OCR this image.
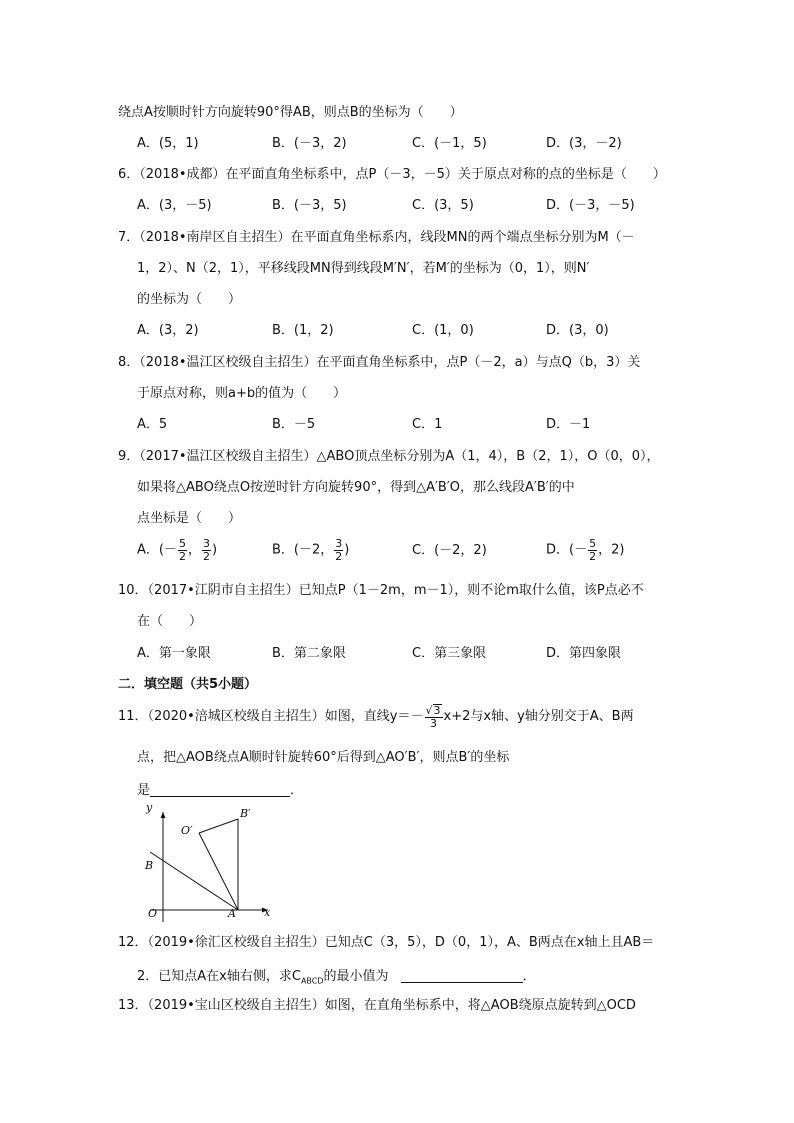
绕点A按顺时针方向旋转90°得AB，则点B的坐标为（　　）
A．(5，1)	B．(－3，2)	C．(－1，5)	D．(3，－2)
6．（2018•成都）在平面直角坐标系中，点P（－3，－5）关于原点对称的点的坐标是（　　）
A．(3，－5)	B．(－3，5)	C．(3，5)	D．(－3，－5)
7．（2018•南岸区自主招生）在平面直角坐标系内，线段MN的两个端点坐标分别为M（－
1，2）、N（2，1），平移线段MN得到线段M′N′，若M′的坐标为（0，1），则N′
的坐标为（　　）
A．(3，2)	B．(1，2)	C．(1，0)	D．(3，0)
8．（2018•温江区校级自主招生）在平面直角坐标系中，点P（－2，a）与点Q（b，3）关
于原点对称，则a+b的值为（　　）
A．5	B．－5	C．1	D．－1
9．（2017•温江区校级自主招生）△ABO顶点坐标分别为A（1，4），B（2，1），O（0，0），
如果将△ABO绕点O按逆时针方向旋转90°，得到△A′B′O，那么线段A′B′的中
点坐标是（　　）
A．(－ $\frac{5}{2}$ ， $\frac{3}{2}$ )	B．(－2， $\frac{3}{2}$ )	C．(－2，2)	D．(－ $\frac{5}{2}$ ，2)
10．（2017•江阴市自主招生）已知点P（1－2m，m－1），则不论m取什么值，该P点必不
在（　　）
A．第一象限	B．第二象限	C．第三象限	D．第四象限
二．填空题（共5小题）
11．（2020•涪城区校级自主招生）如图，直线$y=- \frac{√3}{3} x+2$与x轴、y轴分别交于A、B两
点，把△AOB绕点A顺时针旋转60°后得到△AO′B′，则点B′的坐标
是	．
y
x
O	A
B
O′
B′
12．（2019•徐汇区校级自主招生）已知点C（3，5），D（0，1），A、B两点在x轴上且AB＝
2．已知点A在x轴右侧，求$C_{ABCD}$的最小值为	．
13．（2019•宝山区校级自主招生）如图，在直角坐标系中，将△AOB绕原点旋转到△OCD
